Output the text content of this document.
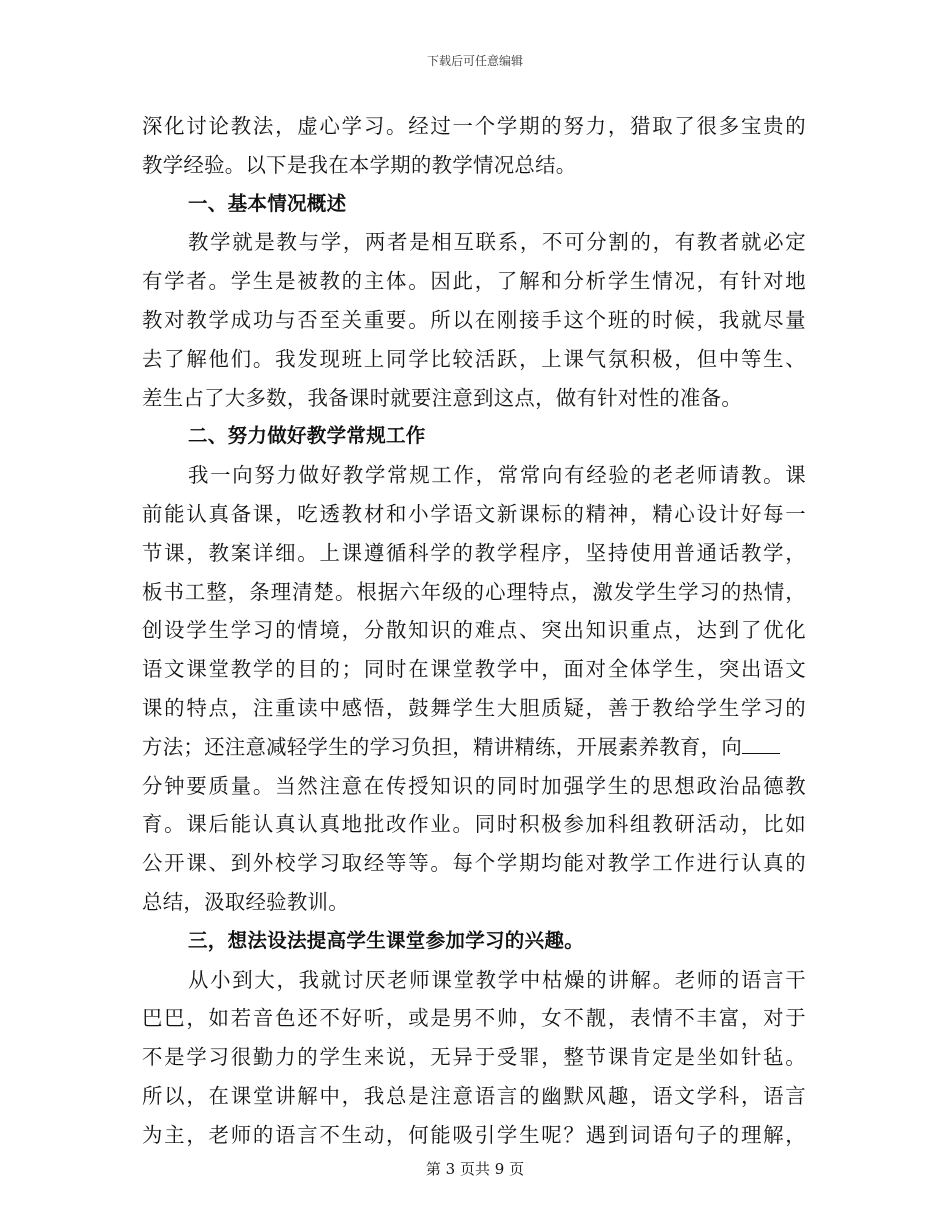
下载后可任意编辑
深化讨论教法，虚心学习。经过一个学期的努力，猎取了很多宝贵的
教学经验。以下是我在本学期的教学情况总结。
一、基本情况概述
教学就是教与学，两者是相互联系，不可分割的，有教者就必定
有学者。学生是被教的主体。因此，了解和分析学生情况，有针对地
教对教学成功与否至关重要。所以在刚接手这个班的时候，我就尽量
去了解他们。我发现班上同学比较活跃，上课气氛积极，但中等生、
差生占了大多数，我备课时就要注意到这点，做有针对性的准备。
二、努力做好教学常规工作
我一向努力做好教学常规工作，常常向有经验的老老师请教。课
前能认真备课，吃透教材和小学语文新课标的精神，精心设计好每一
节课，教案详细。上课遵循科学的教学程序，坚持使用普通话教学，
板书工整，条理清楚。根据六年级的心理特点，激发学生学习的热情，
创设学生学习的情境，分散知识的难点、突出知识重点，达到了优化
语文课堂教学的目的；同时在课堂教学中，面对全体学生，突出语文
课的特点，注重读中感悟，鼓舞学生大胆质疑，善于教给学生学习的
方法；还注意减轻学生的学习负担，精讲精练，开展素养教育，向
分钟要质量。当然注意在传授知识的同时加强学生的思想政治品德教
育。课后能认真认真地批改作业。同时积极参加科组教研活动，比如
公开课、到外校学习取经等等。每个学期均能对教学工作进行认真的
总结，汲取经验教训。
三，想法设法提高学生课堂参加学习的兴趣。
从小到大，我就讨厌老师课堂教学中枯燥的讲解。老师的语言干
巴巴，如若音色还不好听，或是男不帅，女不靓，表情不丰富，对于
不是学习很勤力的学生来说，无异于受罪，整节课肯定是坐如针毡。
所以，在课堂讲解中，我总是注意语言的幽默风趣，语文学科，语言
为主，老师的语言不生动，何能吸引学生呢？遇到词语句子的理解，
第 3 页共 9 页
